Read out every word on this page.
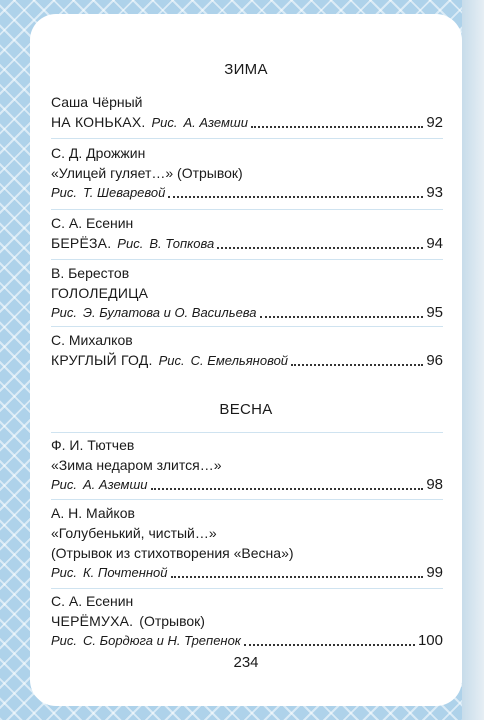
ЗИМА
Саша Чёрный
НА КОНЬКАХ. Рис. А. Аземши	92
С. Д. Дрожжин
«Улицей гуляет…» (Отрывок)
Рис. Т. Шеваревой	93
С. А. Есенин
БЕРЁЗА. Рис. В. Топкова	94
В. Берестов
ГОЛОЛЕДИЦА
Рис. Э. Булатова и О. Васильева	95
С. Михалков
КРУГЛЫЙ ГОД. Рис. С. Емельяновой	96
ВЕСНА
Ф. И. Тютчев
«Зима недаром злится…»
Рис. А. Аземши	98
А. Н. Майков
«Голубенький, чистый…»
(Отрывок из стихотворения «Весна»)
Рис. К. Почтенной	99
С. А. Есенин
ЧЕРЁМУХА. (Отрывок)
Рис. С. Бордюга и Н. Трепенок	100
234
